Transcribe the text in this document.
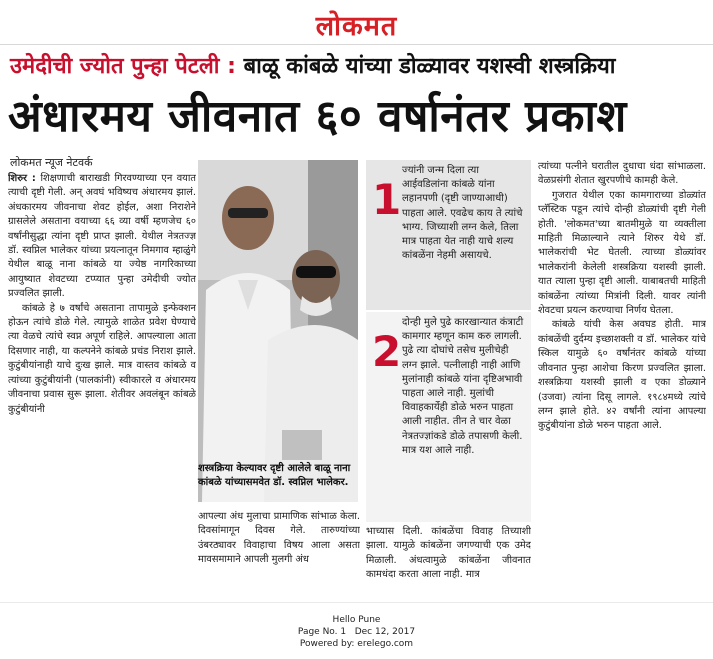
लोकमत
उमेदीची ज्योत पुन्हा पेटली : बाळू कांबळे यांच्या डोळ्यावर यशस्वी शस्त्रक्रिया
अंधारमय जीवनात ६० वर्षानंतर प्रकाश
लोकमत न्यूज नेटवर्क

शिरुर : शिक्षणाची बाराखडी गिरवण्याच्या एन वयात त्याची दृष्टी गेली. अन् अवघं भविष्यच अंधारमय झालं. अंधकारमय जीवनाचा शेवट होईल, अशा निराशेने ग्रासलेले असताना वयाच्या ६६ व्या वर्षी म्हणजेच ६० वर्षांनीसुद्धा त्यांना दृष्टी प्राप्त झाली. येथील नेत्रतज्ज्ञ डॉ. स्वप्निल भालेकर यांच्या प्रयत्नातून निमगाव म्हाळुंगे येथील बाळू नाना कांबळे या ज्येष्ठ नागरिकाच्या आयुष्यात शेवटच्या टप्प्यात पुन्हा उमेदीची ज्योत प्रज्वलित झाली.

कांबळे हे ७ वर्षांचे असताना तापामुळे इन्फेक्शन होऊन त्यांचे डोळे गेले. त्यामुळे शाळेत प्रवेश घेण्याचे त्या वेळचे त्यांचे स्वप्न अपूर्ण राहिले. आपल्याला आता दिसणार नाही, या कल्पनेने कांबळे प्रचंड निराश झाले. कुटुंबीयांनाही याचे दुःख झाले. मात्र वास्तव कांबळे व त्यांच्या कुटुंबीयांनी (पालकांनी) स्वीकारले व अंधारमय जीवनाचा प्रवास सुरू झाला. शेतीवर अवलंबून कांबळे कुटुंबीयांनी

शस्त्रक्रिया केल्यावर दृष्टी आलेले बाळू नाना कांबळे यांच्यासमवेत डॉ. स्वप्निल भालेकर.
आपल्या अंध मुलाचा प्रामाणिक सांभाळ केला. दिवसांमागून दिवस गेले. तारुण्यांच्या उंबरठ्यावर विवाहाचा विषय आला असता मावसमामाने आपली मुलगी अंध
1
ज्यांनी जन्म दिला त्या आईवडिलांना कांबळे यांना लहानपणी (दृष्टी जाण्याआधी) पाहता आले. एवढेच काय ते त्यांचे भाग्य. जिच्याशी लग्न केले, तिला मात्र पाहता येत नाही याचे शल्य कांबळेंना नेहमी असायचे.
2
दोन्ही मुले पुढे कारखान्यात कंत्राटी कामगार म्हणून काम करु लागली. पुढे त्या दोघांचे तसेच मुलीचेही लग्न झाले. पत्नीलाही नाही आणि मुलांनाही कांबळे यांना दृष्टिअभावी पाहता आले नाही. मुलांची विवाहकार्येही डोळे भरुन पाहता आली नाहीत. तीन ते चार वेळा नेत्रतज्ज्ञांकडे डोळे तपासणी केली. मात्र यश आले नाही.
भाच्यास दिली. कांबळेंचा विवाह तिच्याशी झाला. यामुळे कांबळेंना जगण्याची एक उमेद मिळाली. अंधत्वामुळे कांबळेंना जीवनात कामधंदा करता आला नाही. मात्र

त्यांच्या पत्नीने घरातील दुधाचा धंदा सांभाळला. वेळप्रसंगी शेतात खुरपणीचे कामही केले.

गुजरात येथील एका कामगाराच्या डोळ्यांत प्लॅस्टिक पडून त्यांचे दोन्ही डोळ्यांची दृष्टी गेली होती. 'लोकमत'च्या बातमीमुळे या व्यक्तीला माहिती मिळाल्याने त्याने शिरुर येथे डॉ. भालेकरांची भेट घेतली. त्याच्या डोळ्यांवर भालेकरांनी केलेली शस्त्रक्रिया यशस्वी झाली. यात त्याला पुन्हा दृष्टी आली. याबाबतची माहिती कांबळेंना त्यांच्या मित्रांनी दिली. यावर त्यांनी शेवटचा प्रयत्न करण्याचा निर्णय घेतला.

कांबळे यांची केस अवघड होती. मात्र कांबळेंची दुर्दम्य इच्छाशक्ती व डॉ. भालेकर यांचे स्किल यामुळे ६० वर्षांनंतर कांबळे यांच्या जीवनात पुन्हा आशेचा किरण प्रज्वलित झाला. शस्त्रक्रिया यशस्वी झाली व एका डोळ्याने (उजवा) त्यांना दिसू लागले. १९८४मध्ये त्यांचे लग्न झाले होते. ४२ वर्षांनी त्यांना आपल्या कुटुंबीयांना डोळे भरुन पाहता आले.

Hello Pune
Page No. 1 Dec 12, 2017
Powered by: erelego.com
